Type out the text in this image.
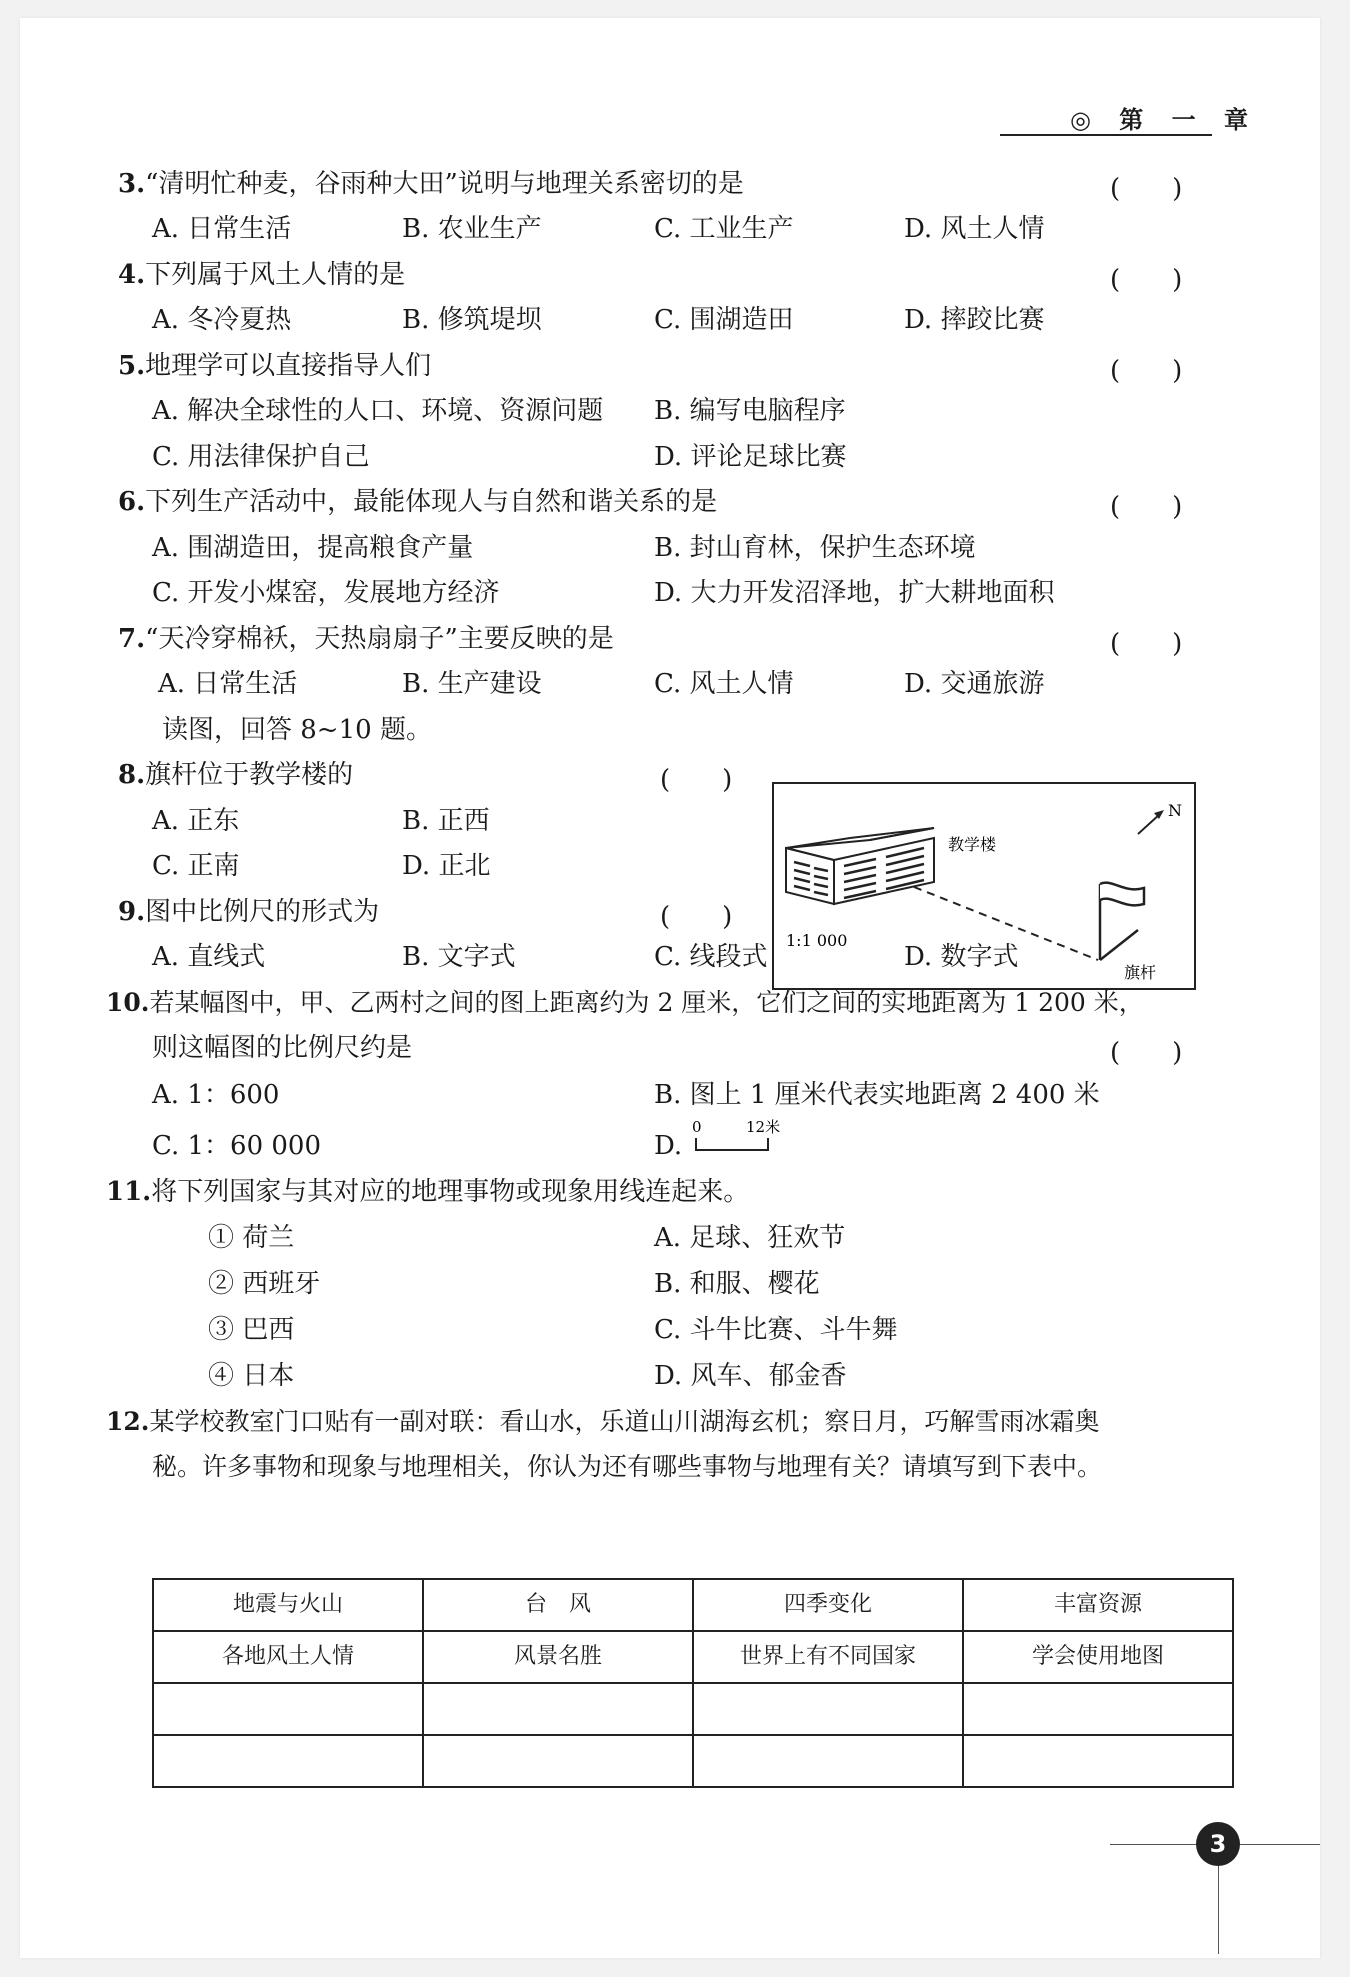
◎ 第 一 章
3.“清明忙种麦，谷雨种大田”说明与地理关系密切的是	(　　)
A. 日常生活	B. 农业生产	C. 工业生产	D. 风土人情
4.下列属于风土人情的是	(　　)
A. 冬冷夏热	B. 修筑堤坝	C. 围湖造田	D. 摔跤比赛
5.地理学可以直接指导人们	(　　)
A. 解决全球性的人口、环境、资源问题 B. 编写电脑程序
C. 用法律保护自己	D. 评论足球比赛
6.下列生产活动中，最能体现人与自然和谐关系的是	(　　)
A. 围湖造田，提高粮食产量	B. 封山育林，保护生态环境
C. 开发小煤窑，发展地方经济	D. 大力开发沼泽地，扩大耕地面积
7.“天冷穿棉袄，天热扇扇子”主要反映的是	(　　)
A. 日常生活	B. 生产建设	C. 风土人情	D. 交通旅游
读图，回答 8~10 题。
8.旗杆位于教学楼的	(　　)
A. 正东	B. 正西
C. 正南	D. 正北
教学楼
旗杆
1:1 000
N
9.图中比例尺的形式为	(　　)
A. 直线式	B. 文字式	C. 线段式	D. 数字式
10.若某幅图中，甲、乙两村之间的图上距离约为 2 厘米，它们之间的实地距离为 1 200 米，
则这幅图的比例尺约是	(　　)
A. 1：600	B. 图上 1 厘米代表实地距离 2 400 米
C. 1：60 000	D.
0	12米
11.将下列国家与其对应的地理事物或现象用线连起来。
① 荷兰
② 西班牙
③ 巴西
④ 日本
A. 足球、狂欢节
B. 和服、樱花
C. 斗牛比赛、斗牛舞
D. 风车、郁金香
12.某学校教室门口贴有一副对联：看山水，乐道山川湖海玄机；察日月，巧解雪雨冰霜奥
秘。许多事物和现象与地理相关，你认为还有哪些事物与地理有关？请填写到下表中。
地震与火山	台　风	四季变化	丰富资源
各地风土人情	风景名胜	世界上有不同国家	学会使用地图

3
